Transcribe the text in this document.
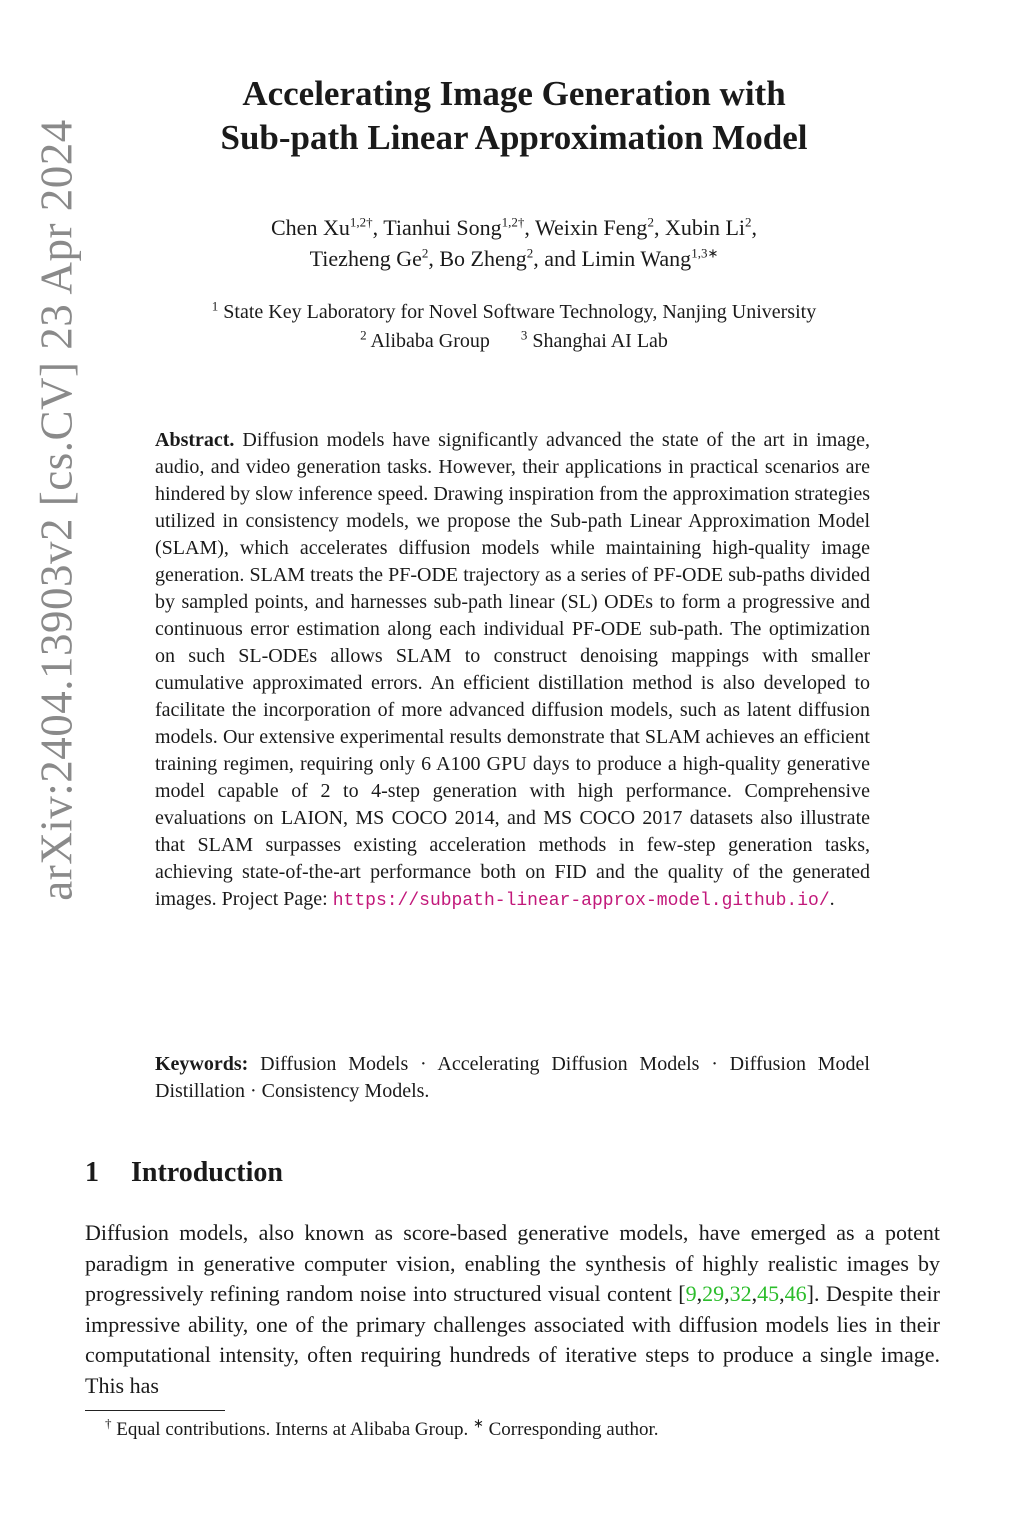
arXiv:2404.13903v2 [cs.CV] 23 Apr 2024
Accelerating Image Generation with
Sub-path Linear Approximation Model
Chen $Xu^{1,2\dagger}$, Tianhui Song$^{1,2\dagger}$, Weixin Feng$^2$, Xubin Li$^2$,
Tiezheng Ge$^2$, Bo Zheng$^2$, and Limin Wang$^{1,3∗}$
$^1$ State Key Laboratory for Novel Software Technology, Nanjing University
$^2$ Alibaba Group $^3$ Shanghai AI Lab
Abstract. Diffusion models have significantly advanced the state of the art in image, audio, and video generation tasks. However, their applications in practical scenarios are hindered by slow inference speed. Drawing inspiration from the approximation strategies utilized in consistency models, we propose the Sub-path Linear Approximation Model (SLAM), which accelerates diffusion models while maintaining high-quality image generation. SLAM treats the PF-ODE trajectory as a series of PF-ODE sub-paths divided by sampled points, and harnesses sub-path linear (SL) ODEs to form a progressive and continuous error estimation along each individual PF-ODE sub-path. The optimization on such SL-ODEs allows SLAM to construct denoising mappings with smaller cumulative approximated errors. An efficient distillation method is also developed to facilitate the incorporation of more advanced diffusion models, such as latent diffusion models. Our extensive experimental results demonstrate that SLAM achieves an efficient training regimen, requiring only 6 A100 GPU days to produce a high-quality generative model capable of 2 to 4-step generation with high performance. Comprehensive evaluations on LAION, MS COCO 2014, and MS COCO 2017 datasets also illustrate that SLAM surpasses existing acceleration methods in few-step generation tasks, achieving state-of-the-art performance both on FID and the quality of the generated images. Project Page: https://subpath-linear-approx-model.github.io/.
Keywords: Diffusion Models · Accelerating Diffusion Models · Diffusion Model Distillation · Consistency Models.
1 Introduction
Diffusion models, also known as score-based generative models, have emerged as a potent paradigm in generative computer vision, enabling the synthesis of highly realistic images by progressively refining random noise into structured visual content [9,29,32,45,46]. Despite their impressive ability, one of the primary challenges associated with diffusion models lies in their computational intensity, often requiring hundreds of iterative steps to produce a single image. This has
† Equal contributions. Interns at Alibaba Group. ∗ Corresponding author.
